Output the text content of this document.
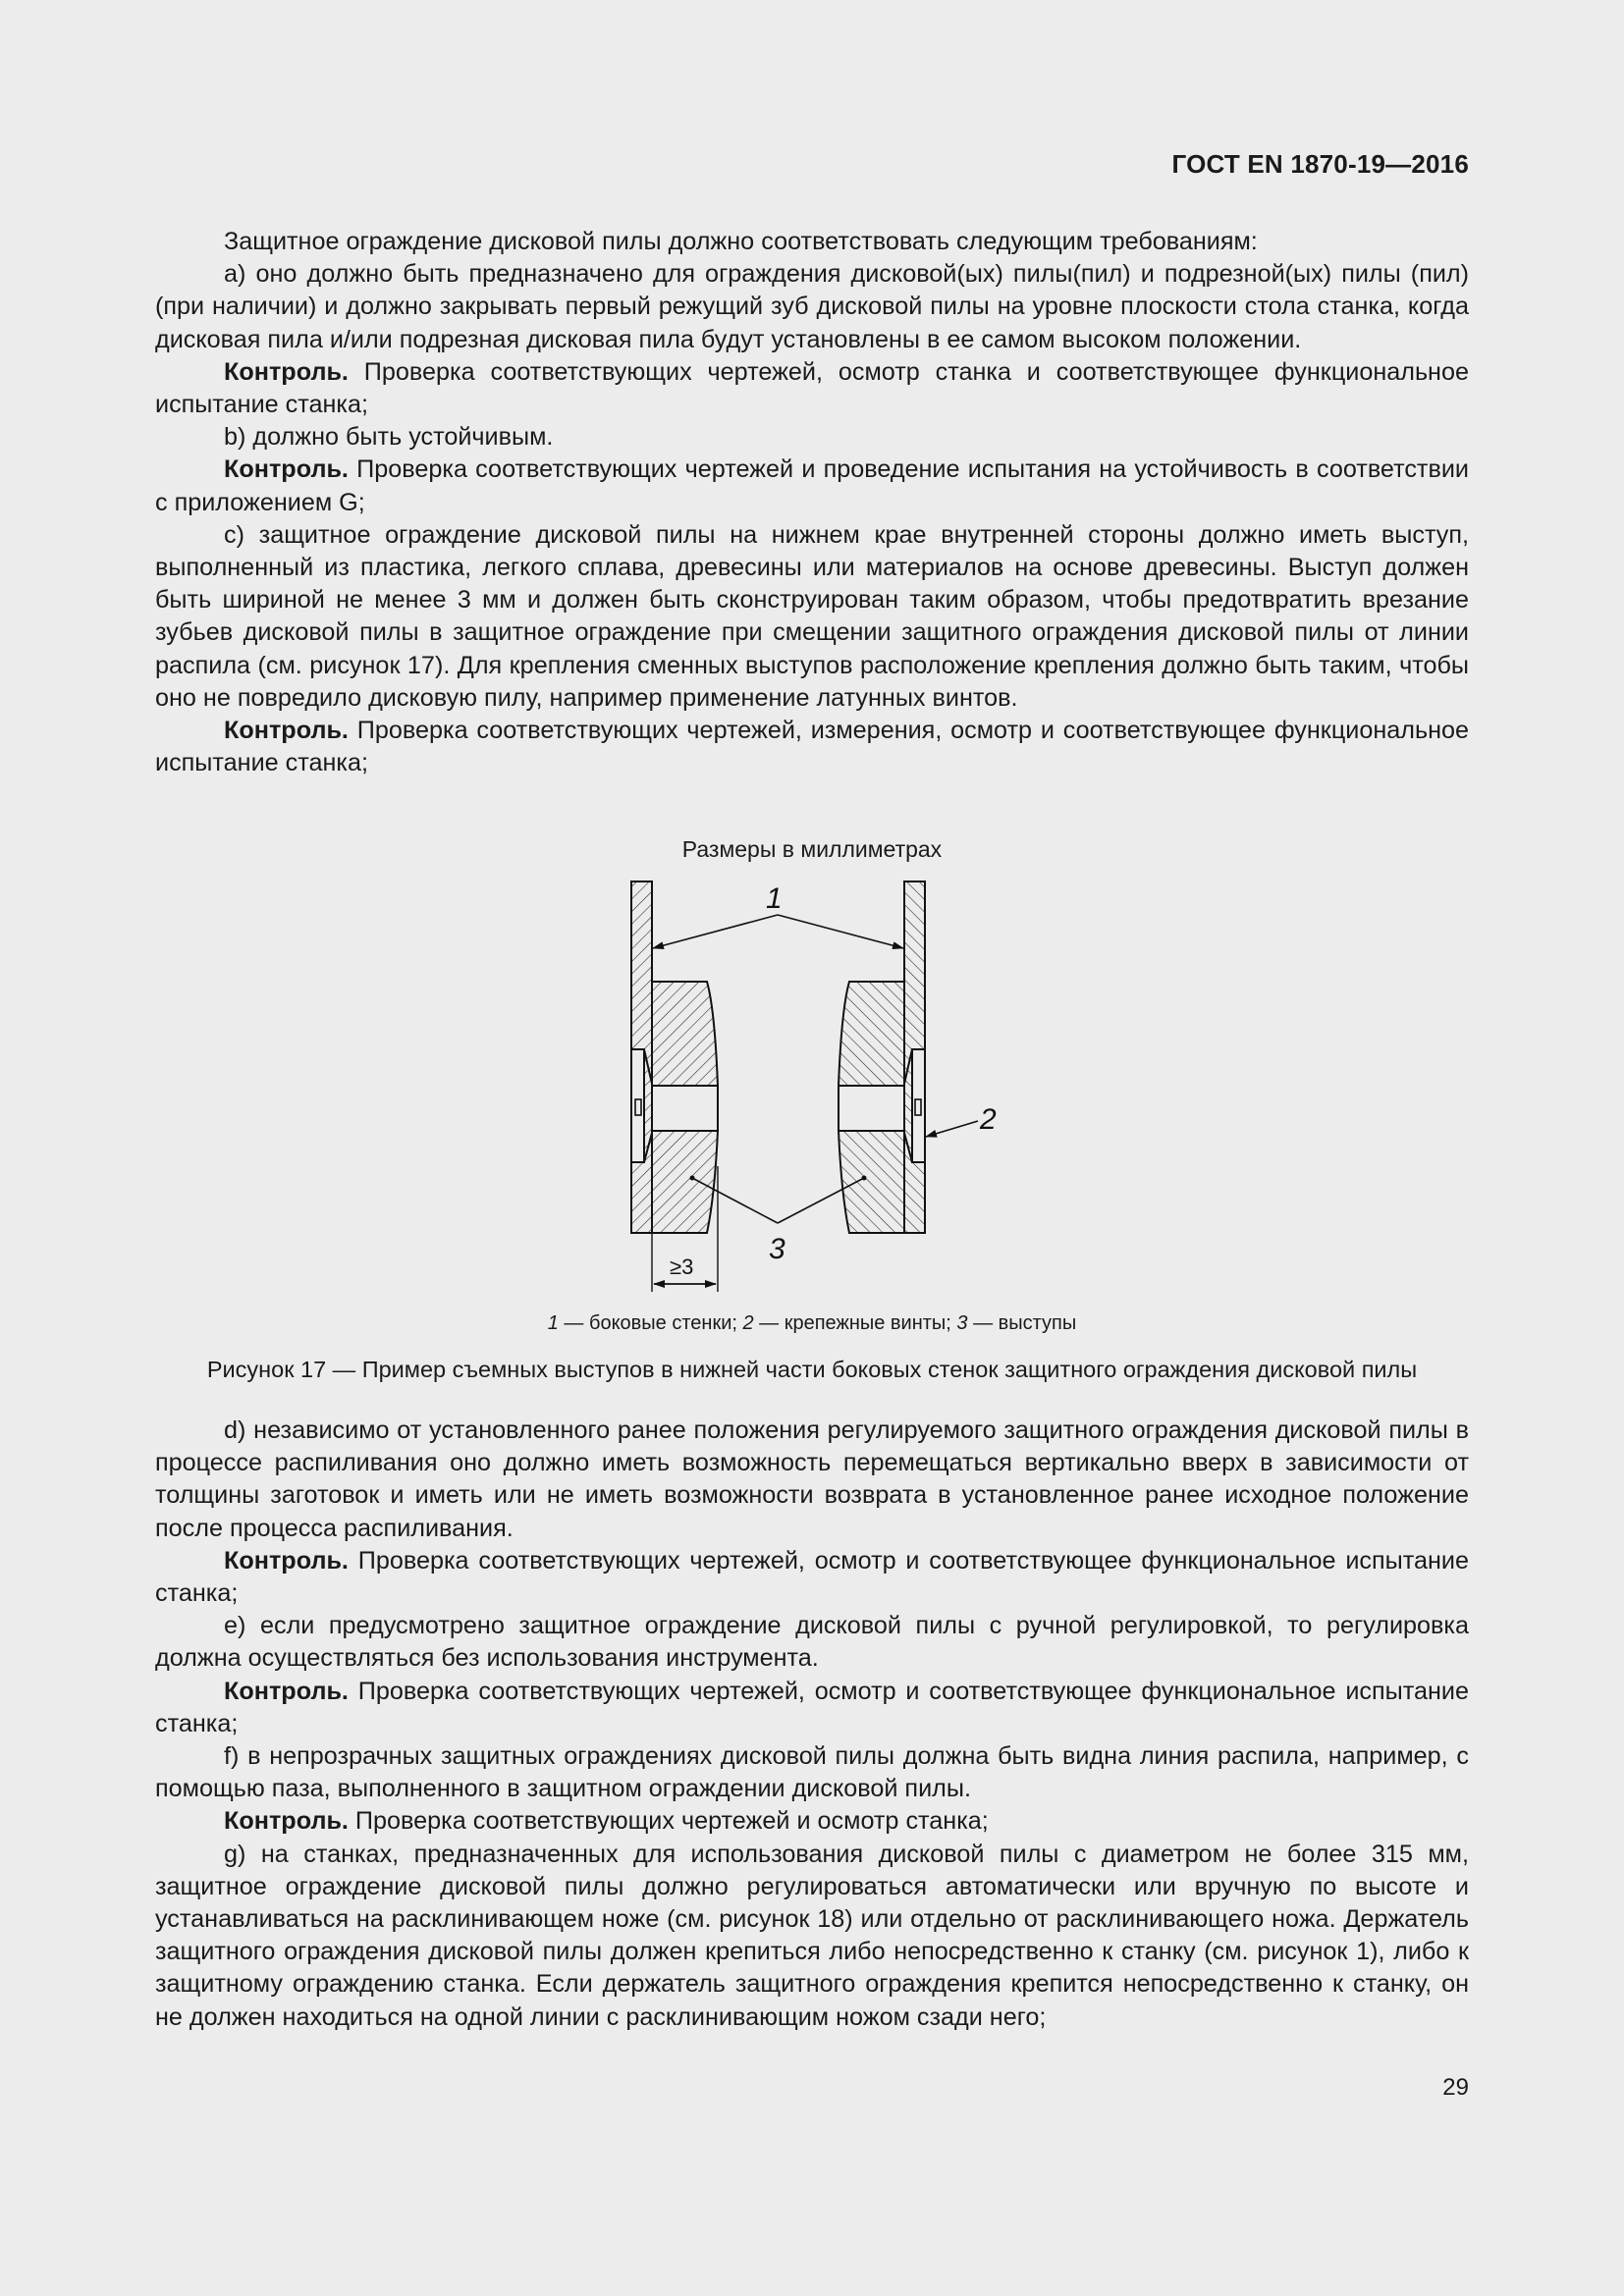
ГОСТ EN 1870-19—2016

Защитное ограждение дисковой пилы должно соответствовать следующим требованиям:

a) оно должно быть предназначено для ограждения дисковой(ых) пилы(пил) и подрезной(ых) пилы (пил) (при наличии) и должно закрывать первый режущий зуб дисковой пилы на уровне плоскости стола станка, когда дисковая пила и/или подрезная дисковая пила будут установлены в ее самом высоком положении.

Контроль. Проверка соответствующих чертежей, осмотр станка и соответствующее функциональное испытание станка;

b) должно быть устойчивым.

Контроль. Проверка соответствующих чертежей и проведение испытания на устойчивость в соответствии с приложением G;

c) защитное ограждение дисковой пилы на нижнем крае внутренней стороны должно иметь выступ, выполненный из пластика, легкого сплава, древесины или материалов на основе древесины. Выступ должен быть шириной не менее 3 мм и должен быть сконструирован таким образом, чтобы предотвратить врезание зубьев дисковой пилы в защитное ограждение при смещении защитного ограждения дисковой пилы от линии распила (см. рисунок 17). Для крепления сменных выступов расположение крепления должно быть таким, чтобы оно не повредило дисковую пилу, например применение латунных винтов.

Контроль. Проверка соответствующих чертежей, измерения, осмотр и соответствующее функциональное испытание станка;

Размеры в миллиметрах
1
2
3
≥3
1 — боковые стенки; 2 — крепежные винты; 3 — выступы
Рисунок 17 — Пример съемных выступов в нижней части боковых стенок защитного ограждения дисковой пилы

d) независимо от установленного ранее положения регулируемого защитного ограждения дисковой пилы в процессе распиливания оно должно иметь возможность перемещаться вертикально вверх в зависимости от толщины заготовок и иметь или не иметь возможности возврата в установленное ранее исходное положение после процесса распиливания.

Контроль. Проверка соответствующих чертежей, осмотр и соответствующее функциональное испытание станка;

e) если предусмотрено защитное ограждение дисковой пилы с ручной регулировкой, то регулировка должна осуществляться без использования инструмента.

Контроль. Проверка соответствующих чертежей, осмотр и соответствующее функциональное испытание станка;

f) в непрозрачных защитных ограждениях дисковой пилы должна быть видна линия распила, например, с помощью паза, выполненного в защитном ограждении дисковой пилы.

Контроль. Проверка соответствующих чертежей и осмотр станка;

g) на станках, предназначенных для использования дисковой пилы с диаметром не более 315 мм, защитное ограждение дисковой пилы должно регулироваться автоматически или вручную по высоте и устанавливаться на расклинивающем ноже (см. рисунок 18) или отдельно от расклинивающего ножа. Держатель защитного ограждения дисковой пилы должен крепиться либо непосредственно к станку (см. рисунок 1), либо к защитному ограждению станка. Если держатель защитного ограждения крепится непосредственно к станку, он не должен находиться на одной линии с расклинивающим ножом сзади него;

29
